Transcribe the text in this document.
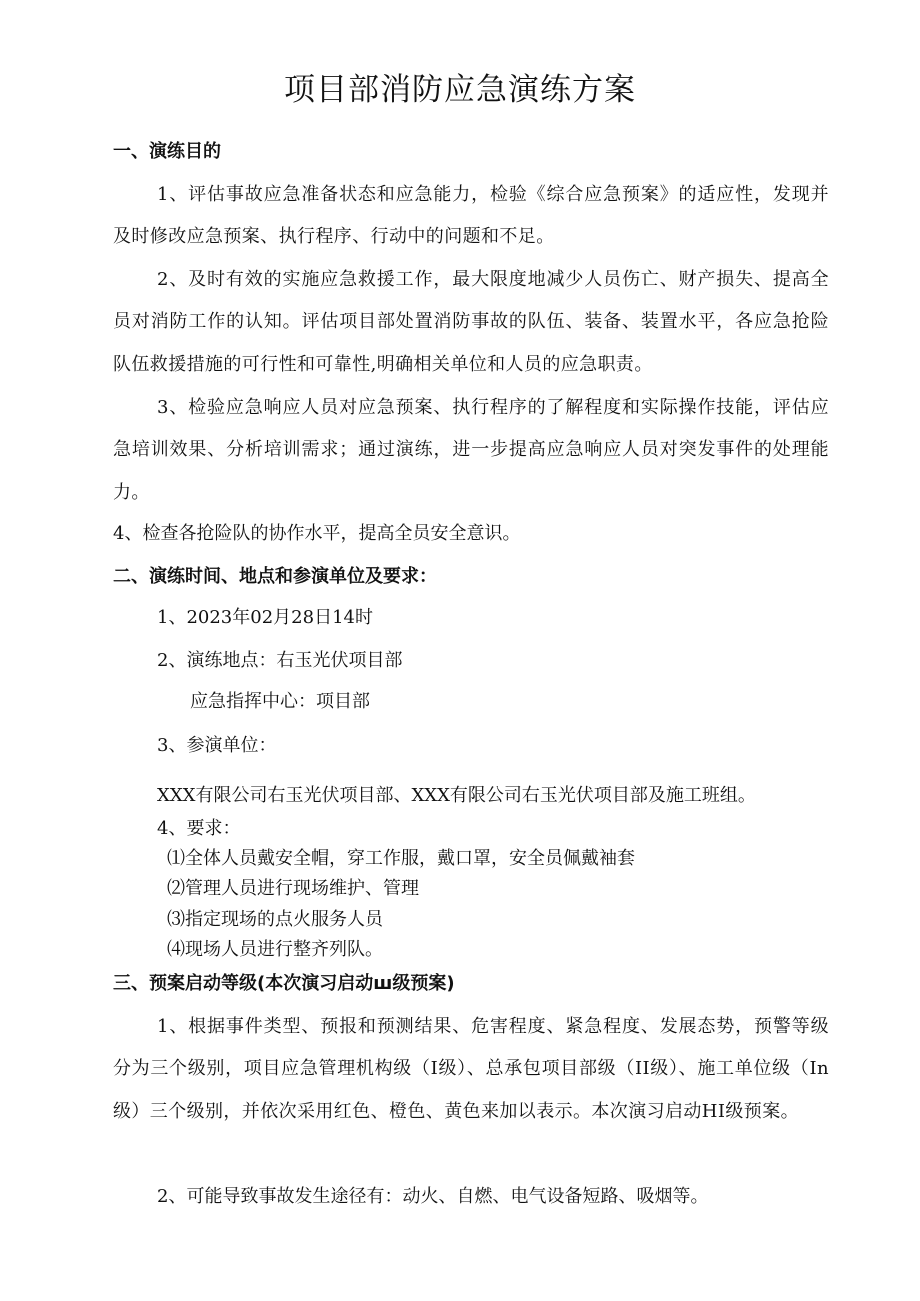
项目部消防应急演练方案
一、演练目的
1、评估事故应急准备状态和应急能力，检验《综合应急预案》的适应性，发现并及时修改应急预案、执行程序、行动中的问题和不足。
2、及时有效的实施应急救援工作，最大限度地减少人员伤亡、财产损失、提高全员对消防工作的认知。评估项目部处置消防事故的队伍、装备、装置水平，各应急抢险队伍救援措施的可行性和可靠性,明确相关单位和人员的应急职责。
3、检验应急响应人员对应急预案、执行程序的了解程度和实际操作技能，评估应急培训效果、分析培训需求；通过演练，进一步提高应急响应人员对突发事件的处理能力。
4、检查各抢险队的协作水平，提高全员安全意识。
二、演练时间、地点和参演单位及要求：
1、2023年02月28日14时
2、演练地点：右玉光伏项目部
应急指挥中心：项目部
3、参演单位：
XXX有限公司右玉光伏项目部、XXX有限公司右玉光伏项目部及施工班组。
4、要求：
⑴全体人员戴安全帽，穿工作服，戴口罩，安全员佩戴袖套
⑵管理人员进行现场维护、管理
⑶指定现场的点火服务人员
⑷现场人员进行整齐列队。
三、预案启动等级(本次演习启动ш级预案)
1、根据事件类型、预报和预测结果、危害程度、紧急程度、发展态势，预警等级分为三个级别，项目应急管理机构级（I级）、总承包项目部级（II级）、施工单位级（In级）三个级别，并依次采用红色、橙色、黄色来加以表示。本次演习启动HI级预案。
2、可能导致事故发生途径有：动火、自燃、电气设备短路、吸烟等。
